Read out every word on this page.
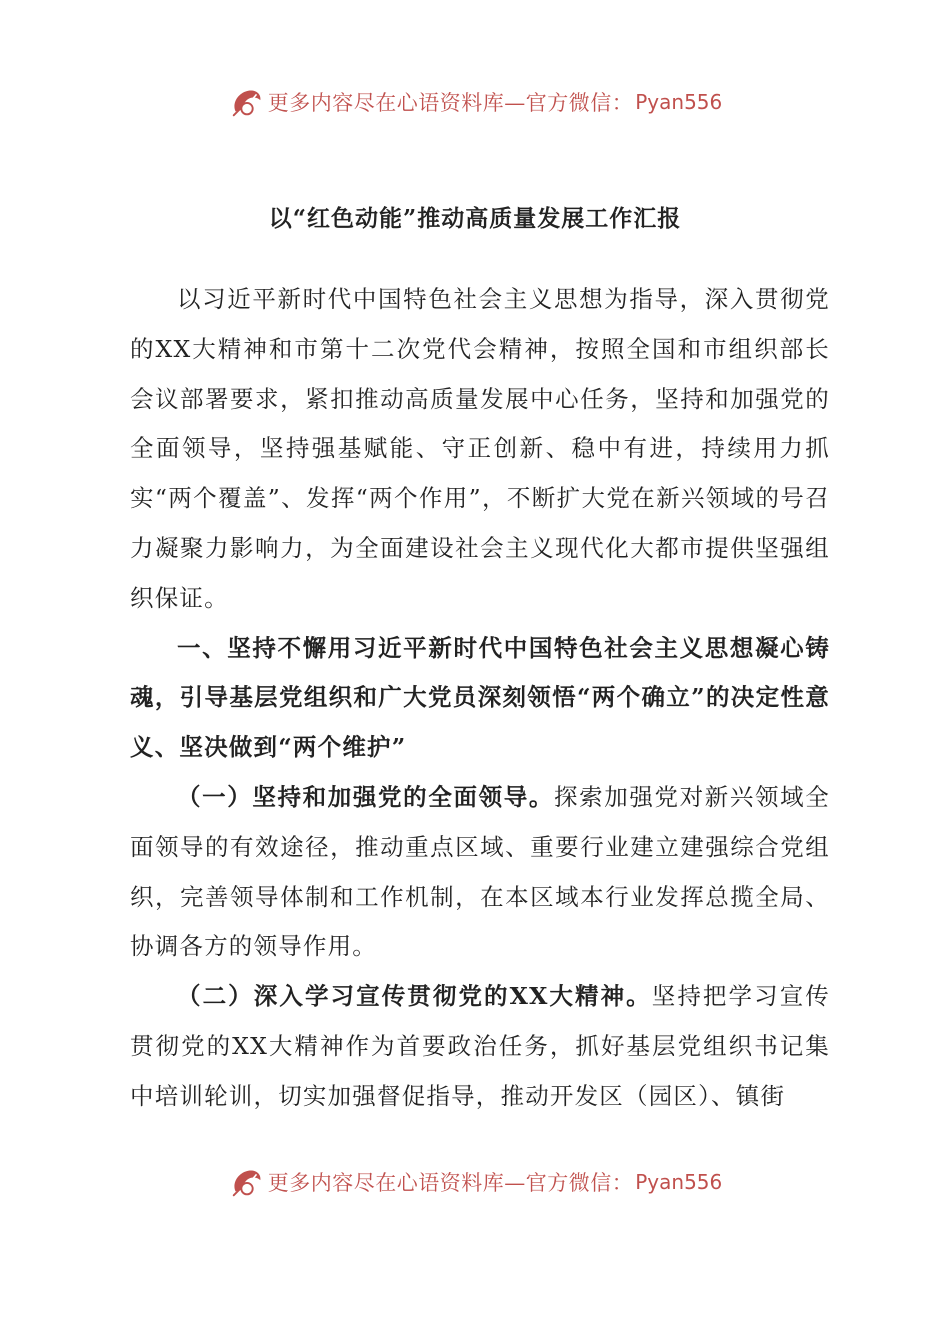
更多内容尽在心语资料库—官方微信： Pyan556
以“红色动能”推动高质量发展工作汇报

以习近平新时代中国特色社会主义思想为指导，深入贯彻党的XX大精神和市第十二次党代会精神，按照全国和市组织部长会议部署要求，紧扣推动高质量发展中心任务，坚持和加强党的全面领导，坚持强基赋能、守正创新、稳中有进，持续用力抓实“两个覆盖”、发挥“两个作用”，不断扩大党在新兴领域的号召力凝聚力影响力，为全面建设社会主义现代化大都市提供坚强组织保证。

一、坚持不懈用习近平新时代中国特色社会主义思想凝心铸魂，引导基层党组织和广大党员深刻领悟“两个确立”的决定性意义、坚决做到“两个维护”

（一）坚持和加强党的全面领导。探索加强党对新兴领域全面领导的有效途径，推动重点区域、重要行业建立建强综合党组织，完善领导体制和工作机制，在本区域本行业发挥总揽全局、协调各方的领导作用。

（二）深入学习宣传贯彻党的XX大精神。坚持把学习宣传贯彻党的XX大精神作为首要政治任务，抓好基层党组织书记集中培训轮训，切实加强督促指导，推动开发区（园区）、镇街

更多内容尽在心语资料库—官方微信： Pyan556
